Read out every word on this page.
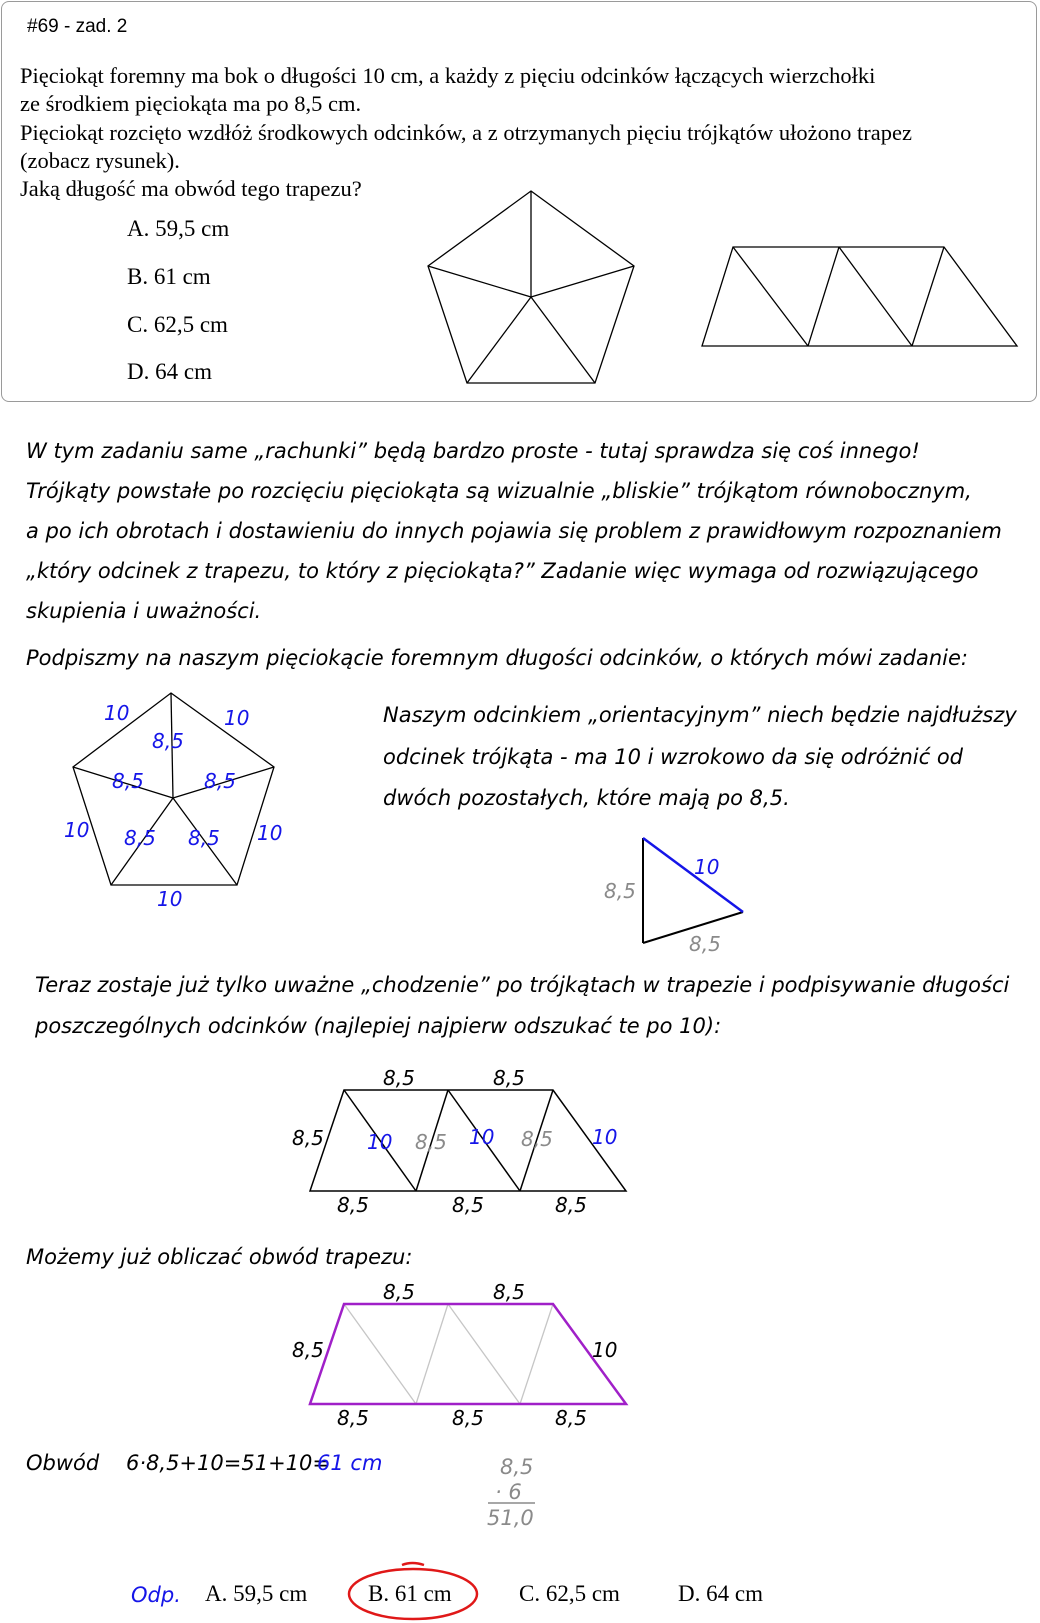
#69 - zad. 2
Pięciokąt foremny ma bok o długości 10 cm, a każdy z pięciu odcinków łączących wierzchołki
ze środkiem pięciokąta ma po 8,5 cm.
Pięciokąt rozcięto wzdłóż środkowych odcinków, a z otrzymanych pięciu trójkątów ułożono trapez
(zobacz rysunek).
Jaką długość ma obwód tego trapezu?
A. 59,5 cm
B. 61 cm
C. 62,5 cm
D. 64 cm
W tym zadaniu same „rachunki” będą bardzo proste - tutaj sprawdza się coś innego!
Trójkąty powstałe po rozcięciu pięciokąta są wizualnie „bliskie” trójkątom równobocznym,
a po ich obrotach i dostawieniu do innych pojawia się problem z prawidłowym rozpoznaniem
„który odcinek z trapezu, to który z pięciokąta?” Zadanie więc wymaga od rozwiązującego
skupienia i uważności.
Podpiszmy na naszym pięciokącie foremnym długości odcinków, o których mówi zadanie:
Naszym odcinkiem „orientacyjnym” niech będzie najdłuższy
odcinek trójkąta - ma 10 i wzrokowo da się odróżnić od
dwóch pozostałych, które mają po 8,5.
Teraz zostaje już tylko uważne „chodzenie” po trójkątach w trapezie i podpisywanie długości
poszczególnych odcinków (najlepiej najpierw odszukać te po 10):
Możemy już obliczać obwód trapezu:
10	10
10	10
10
8,5
8,5	8,5
8,5 8,5
8,5
10
8,5
8,5	8,5
8,5 10 8,5 10 8,5 10
8,5	8,5	8,5
8,5	8,5
8,5	10
8,5	8,5	8,5
Obwód 6·8,5+10=51+10=
61 cm	8,5
· 6
51,0
Odp. A. 59,5 cm	B. 61 cm	C. 62,5 cm	D. 64 cm
